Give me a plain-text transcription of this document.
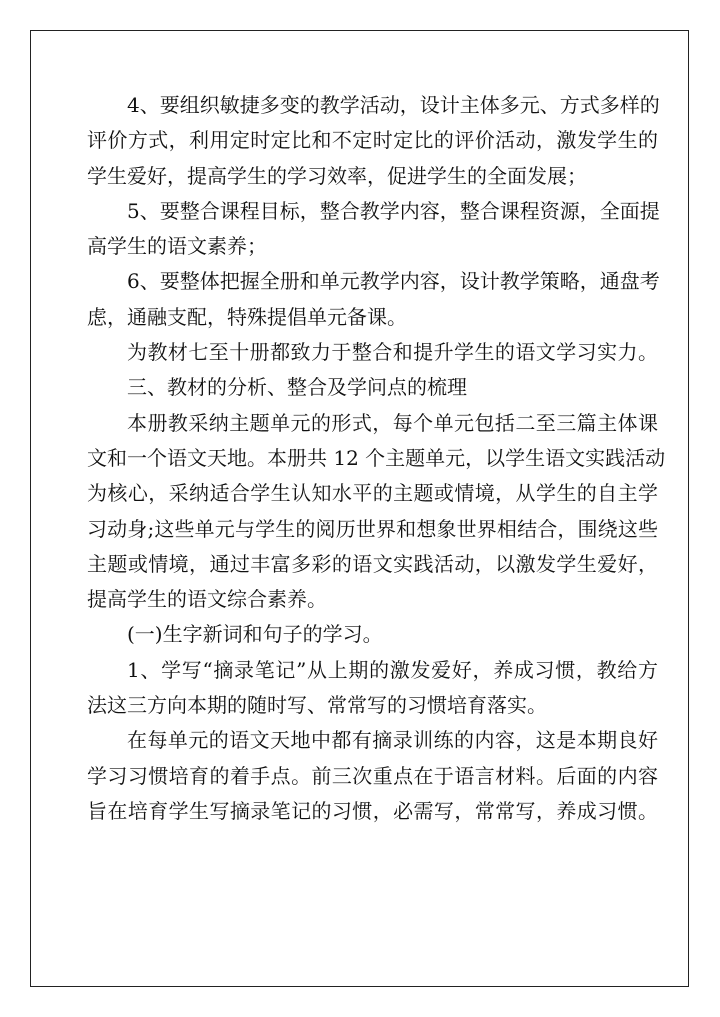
4、要组织敏捷多变的教学活动，设计主体多元、方式多样的
评价方式，利用定时定比和不定时定比的评价活动，激发学生的
学生爱好，提高学生的学习效率，促进学生的全面发展；
5、要整合课程目标，整合教学内容，整合课程资源，全面提
高学生的语文素养；
6、要整体把握全册和单元教学内容，设计教学策略，通盘考
虑，通融支配，特殊提倡单元备课。
为教材七至十册都致力于整合和提升学生的语文学习实力。
三、教材的分析、整合及学问点的梳理
本册教采纳主题单元的形式，每个单元包括二至三篇主体课
文和一个语文天地。本册共 12 个主题单元，以学生语文实践活动
为核心，采纳适合学生认知水平的主题或情境，从学生的自主学
习动身;这些单元与学生的阅历世界和想象世界相结合，围绕这些
主题或情境，通过丰富多彩的语文实践活动，以激发学生爱好，
提高学生的语文综合素养。
(一)生字新词和句子的学习。
1、学写“摘录笔记”从上期的激发爱好，养成习惯，教给方
法这三方向本期的随时写、常常写的习惯培育落实。
在每单元的语文天地中都有摘录训练的内容，这是本期良好
学习习惯培育的着手点。前三次重点在于语言材料。后面的内容
旨在培育学生写摘录笔记的习惯，必需写，常常写，养成习惯。
